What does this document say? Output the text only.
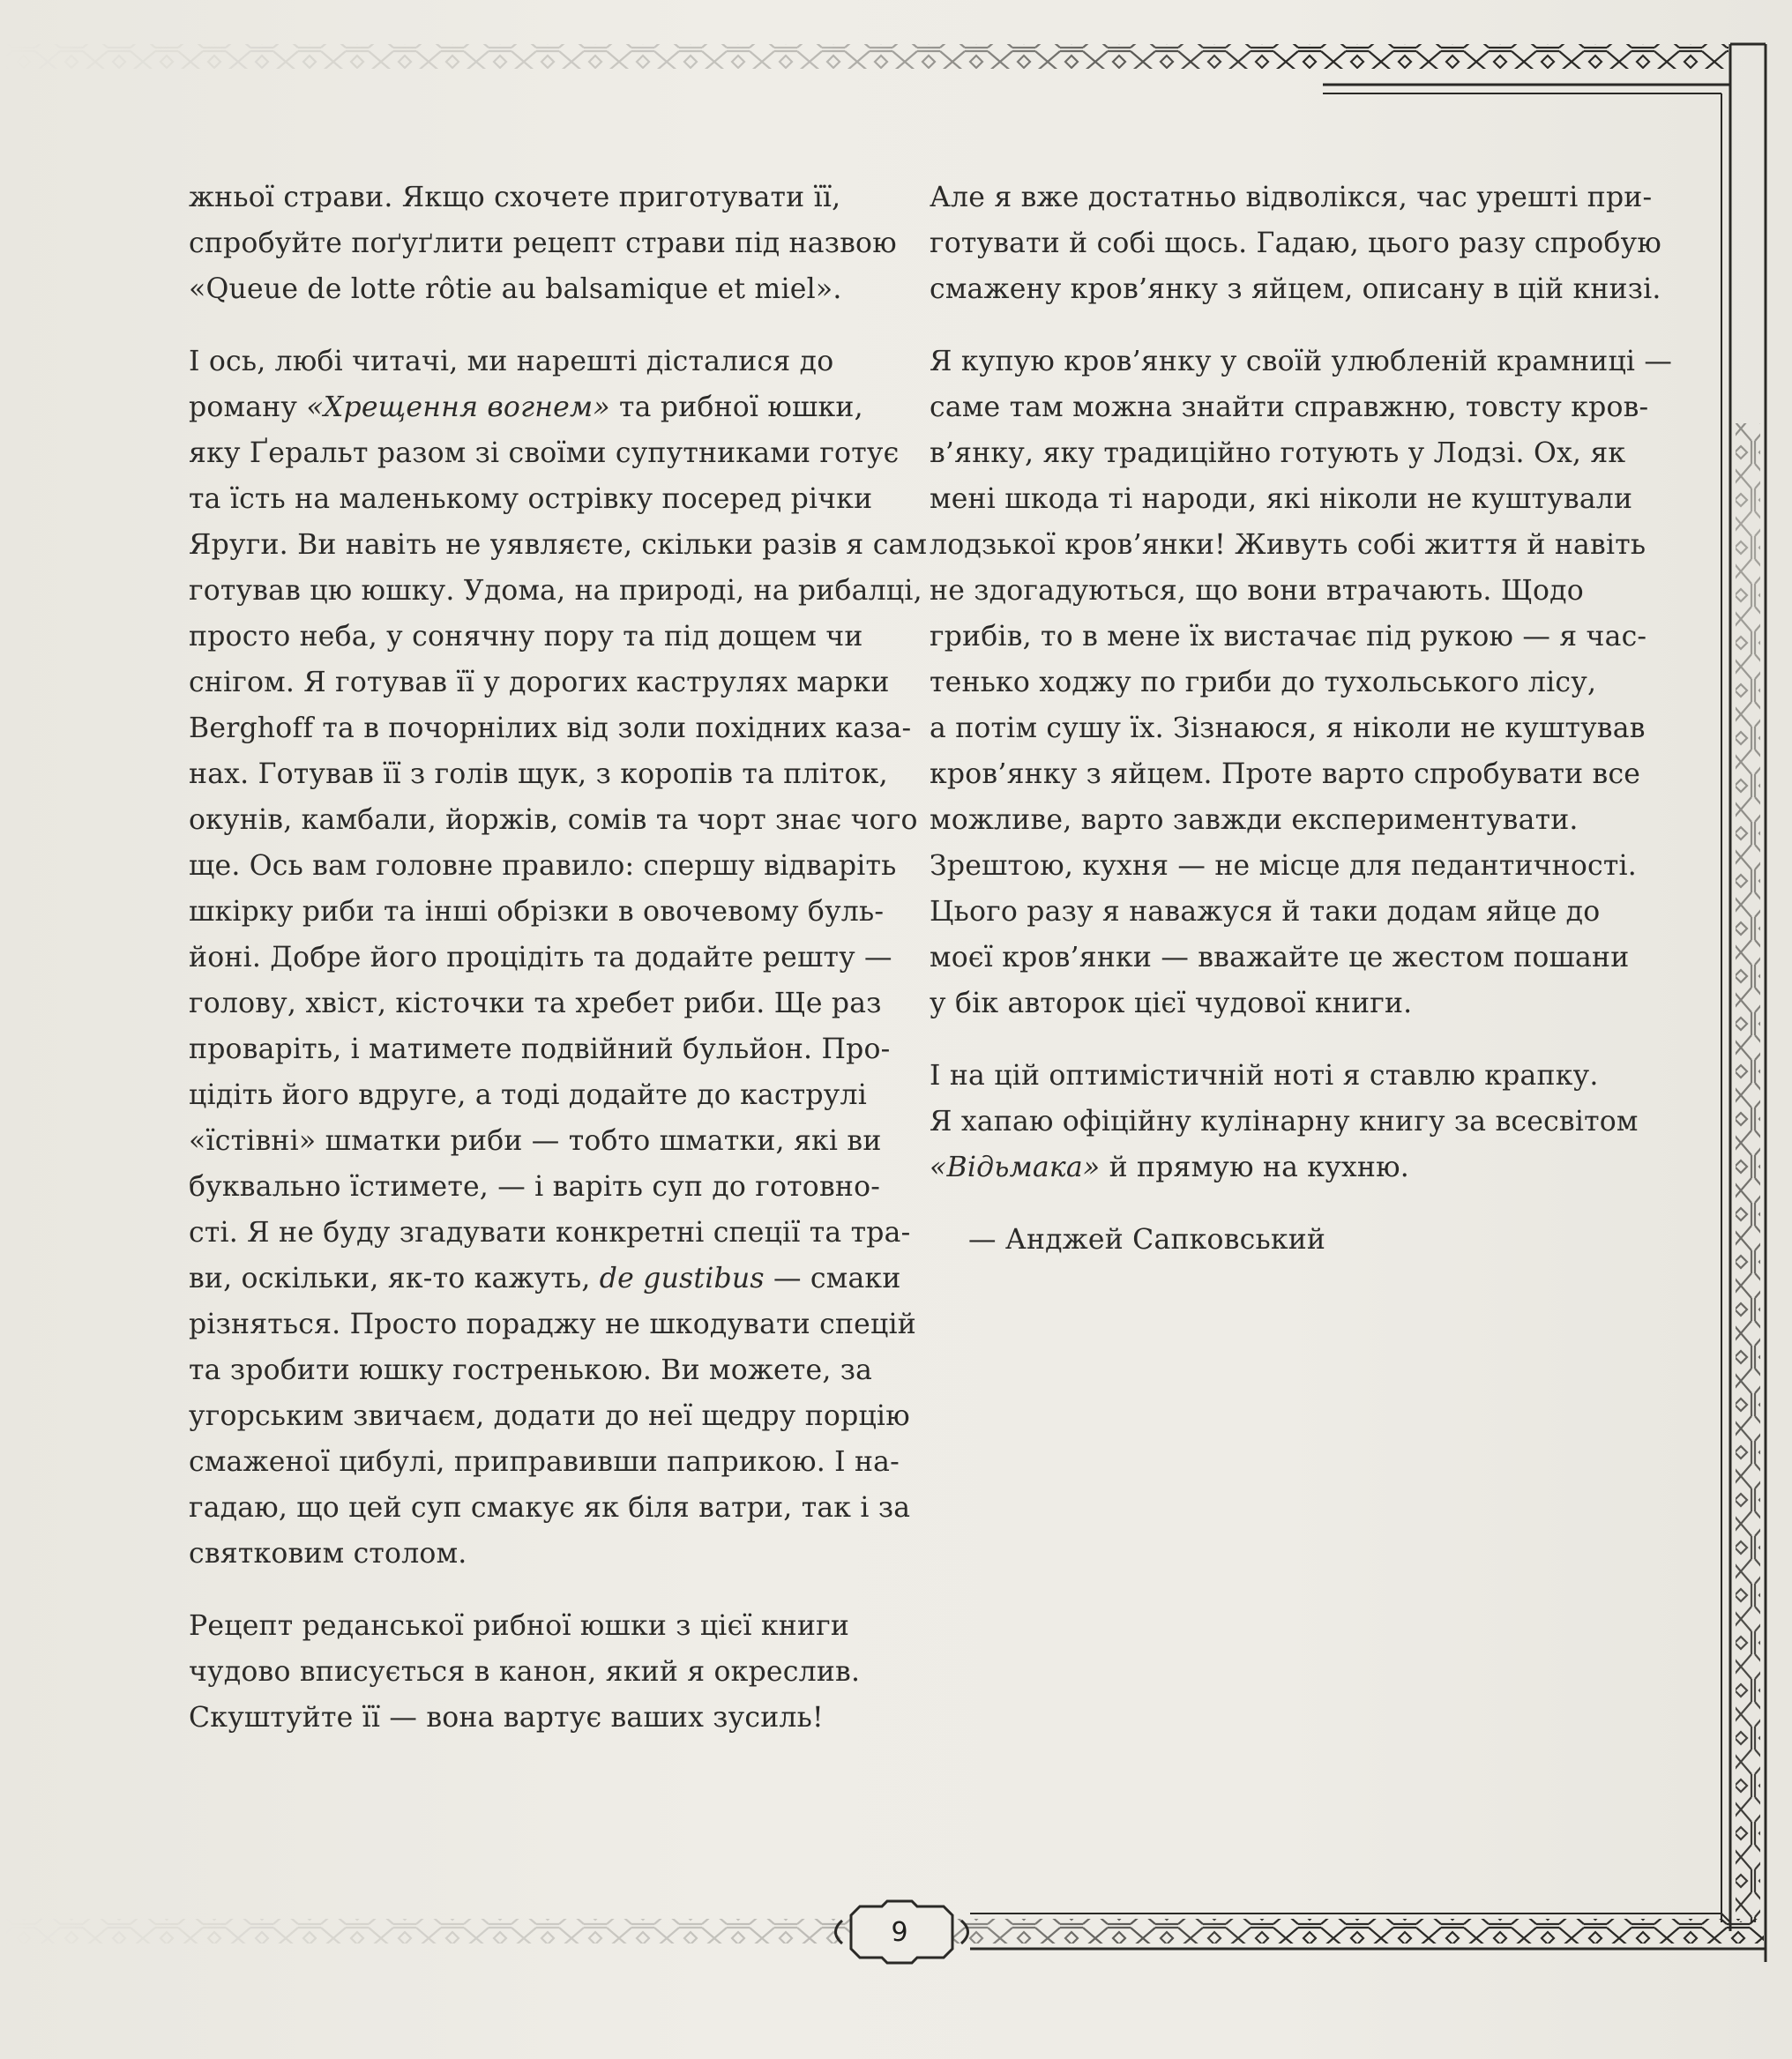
жньої страви. Якщо схочете приготувати її,
спробуйте поґуґлити рецепт страви під назвою
«Queue de lotte rôtie au balsamique et miel».
І ось, любі читачі, ми нарешті дісталися до
роману «Хрещення вогнем» та рибної юшки,
яку Ґеральт разом зі своїми супутниками готує
та їсть на маленькому острівку посеред річки
Яруги. Ви навіть не уявляєте, скільки разів я сам
готував цю юшку. Удома, на природі, на рибалці,
просто неба, у сонячну пору та під дощем чи
снігом. Я готував її у дорогих каструлях марки
Berghoff та в почорнілих від золи похідних каза-
нах. Готував її з голів щук, з коропів та пліток,
окунів, камбали, йоржів, сомів та чорт знає чого
ще. Ось вам головне правило: спершу відваріть
шкірку риби та інші обрізки в овочевому буль-
йоні. Добре його процідіть та додайте решту —
голову, хвіст, кісточки та хребет риби. Ще раз
проваріть, і матимете подвійний бульйон. Про-
цідіть його вдруге, а тоді додайте до каструлі
«їстівні» шматки риби — тобто шматки, які ви
буквально їстимете, — і варіть суп до готовно-
сті. Я не буду згадувати конкретні спеції та тра-
ви, оскільки, як-то кажуть, de gustibus — смаки
різняться. Просто пораджу не шкодувати спецій
та зробити юшку гостренькою. Ви можете, за
угорським звичаєм, додати до неї щедру порцію
смаженої цибулі, приправивши паприкою. І на-
гадаю, що цей суп смакує як біля ватри, так і за
святковим столом.
Рецепт реданської рибної юшки з цієї книги
чудово вписується в канон, який я окреслив.
Скуштуйте її — вона вартує ваших зусиль!
Але я вже достатньо відволікся, час урешті при-
готувати й собі щось. Гадаю, цього разу спробую
смажену кров’янку з яйцем, описану в цій книзі.
Я купую кров’янку у своїй улюбленій крамниці —
саме там можна знайти справжню, товсту кров-
в’янку, яку традиційно готують у Лодзі. Ох, як
мені шкода ті народи, які ніколи не куштували
лодзької кров’янки! Живуть собі життя й навіть
не здогадуються, що вони втрачають. Щодо
грибів, то в мене їх вистачає під рукою — я час-
тенько ходжу по гриби до тухольського лісу,
а потім сушу їх. Зізнаюся, я ніколи не куштував
кров’янку з яйцем. Проте варто спробувати все
можливе, варто завжди експериментувати.
Зрештою, кухня — не місце для педантичності.
Цього разу я наважуся й таки додам яйце до
моєї кров’янки — вважайте це жестом пошани
у бік авторок цієї чудової книги.
І на цій оптимістичній ноті я ставлю крапку.
Я хапаю офіційну кулінарну книгу за всесвітом
«Відьмака» й прямую на кухню.
— Анджей Сапковський
9
